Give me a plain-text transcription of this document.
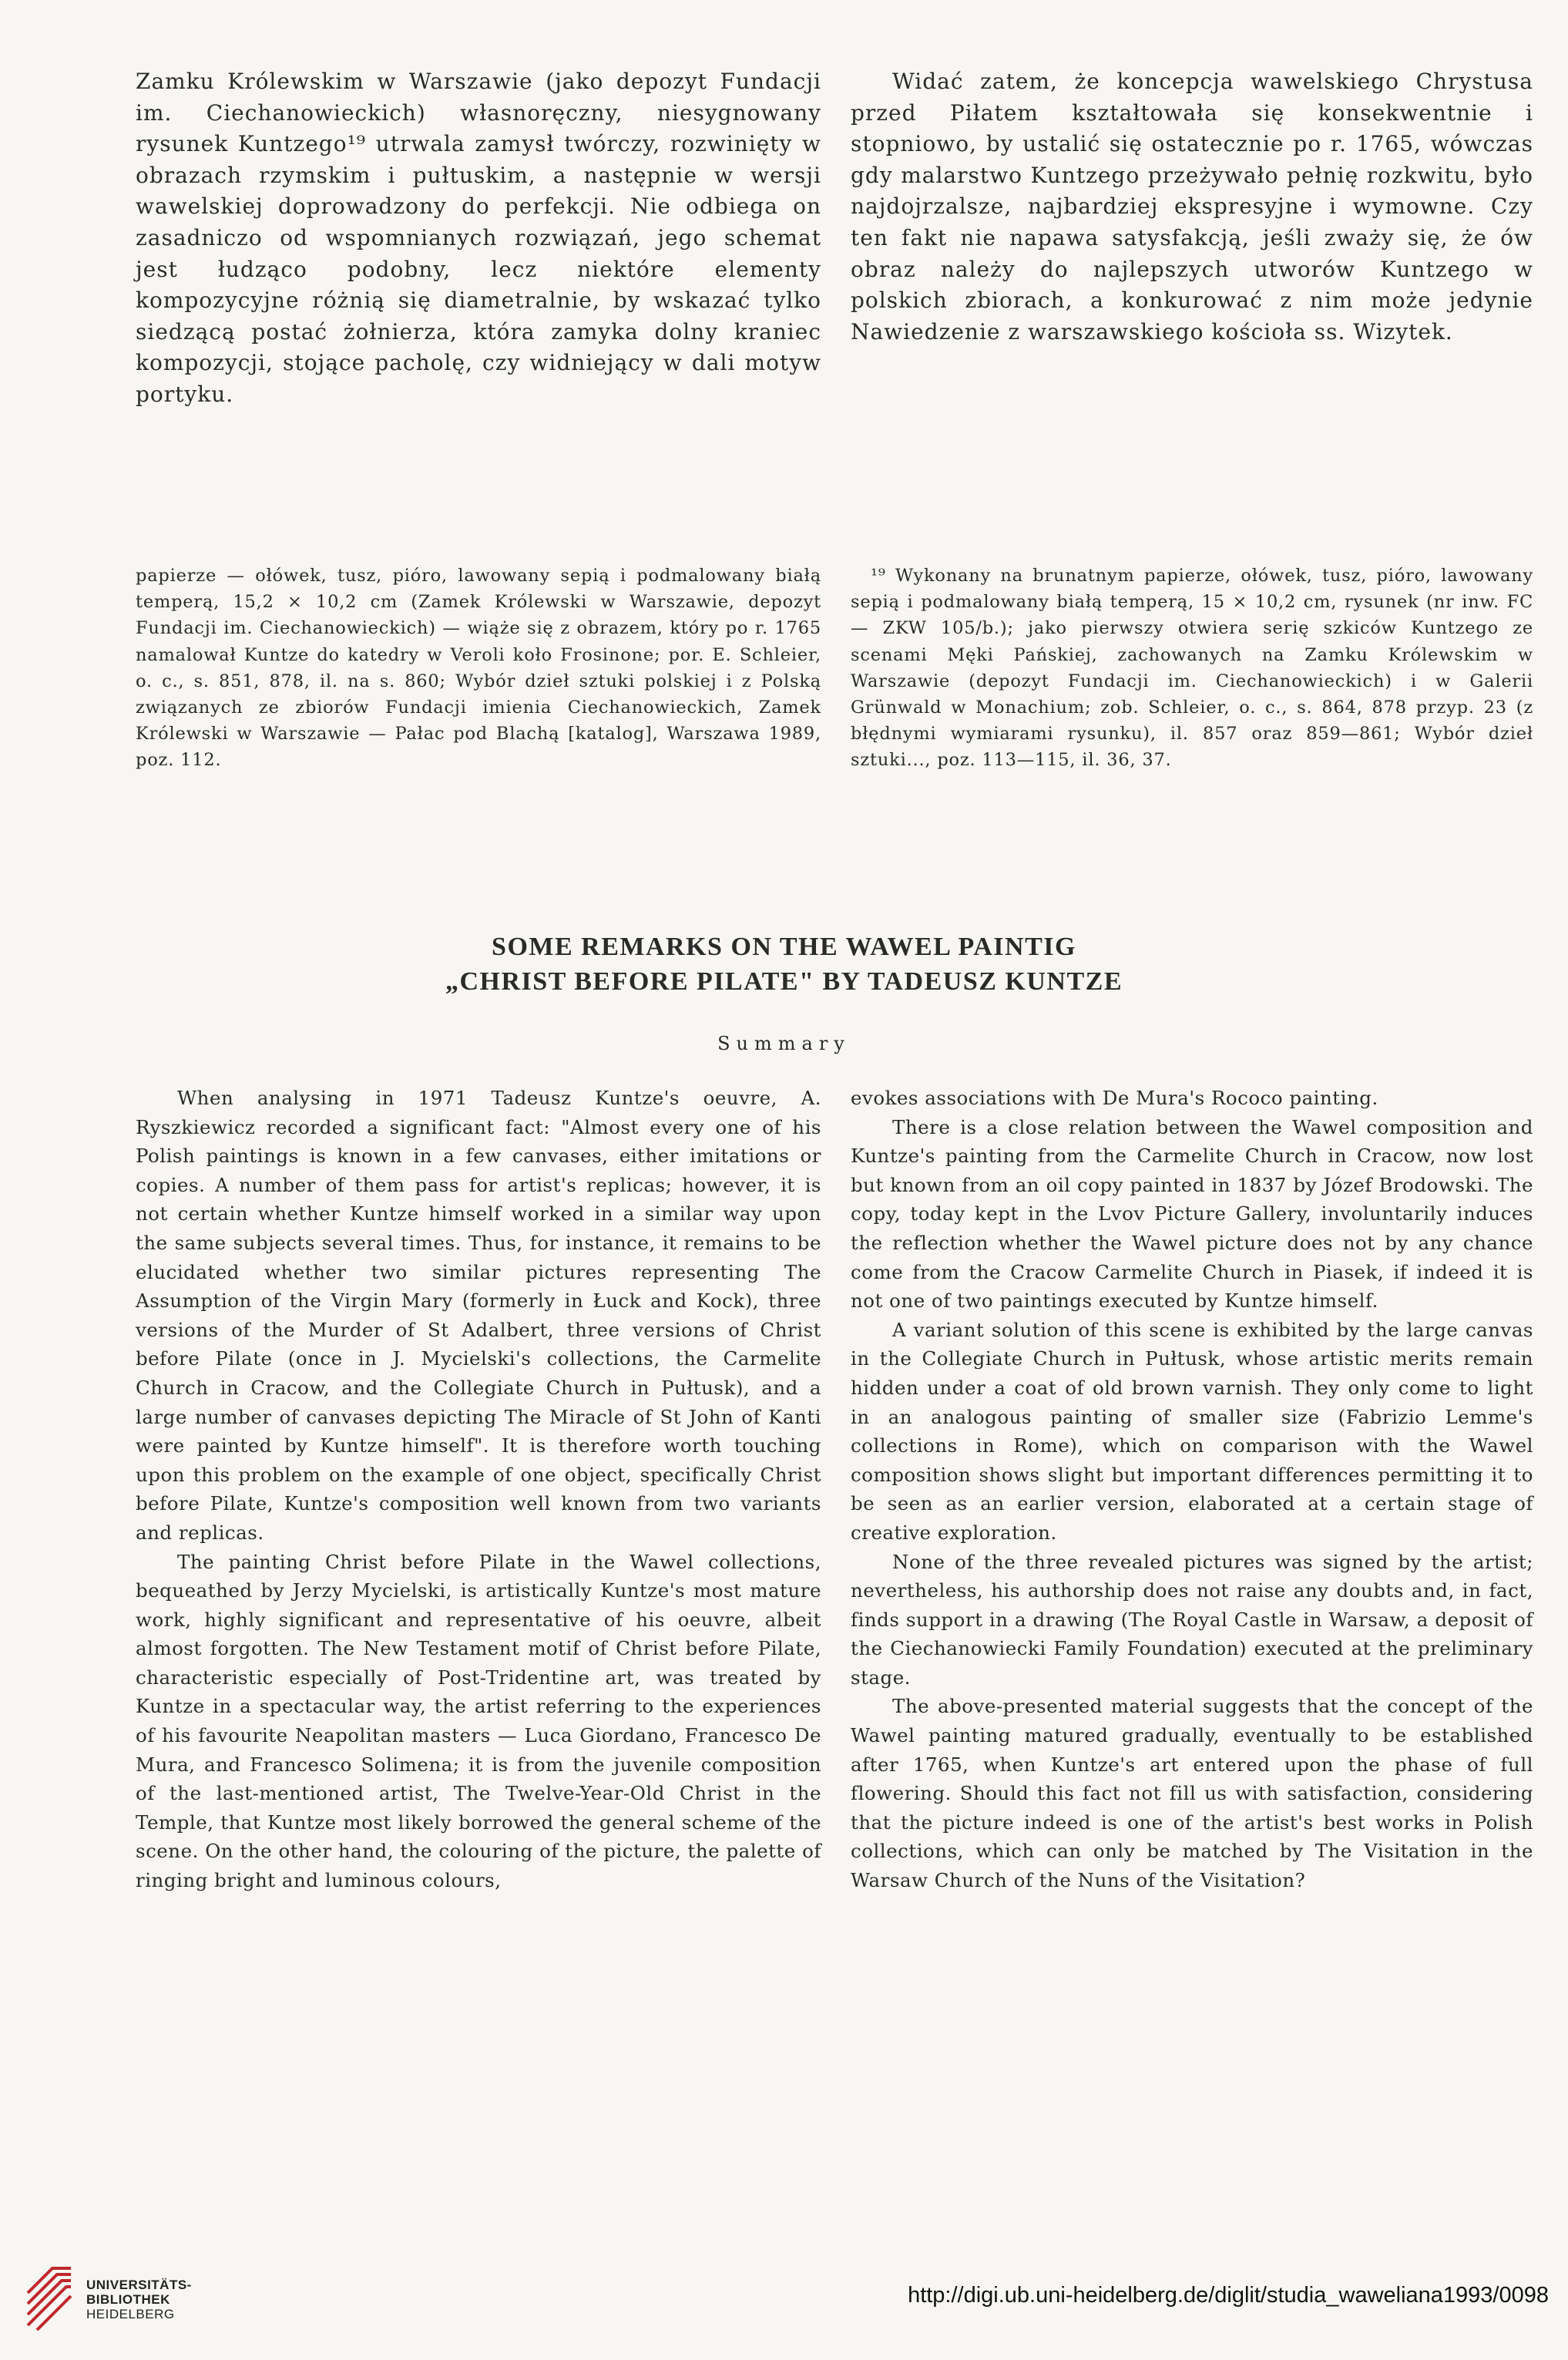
Zamku Królewskim w Warszawie (jako depozyt Fundacji im. Ciechanowieckich) własnoręczny, niesygnowany rysunek Kuntzego¹⁹ utrwala zamysł twórczy, rozwinięty w obrazach rzymskim i pułtuskim, a następnie w wersji wawelskiej doprowadzony do perfekcji. Nie odbiega on zasadniczo od wspomnianych rozwiązań, jego schemat jest łudząco podobny, lecz niektóre elementy kompozycyjne różnią się diametralnie, by wskazać tylko siedzącą postać żołnierza, która zamyka dolny kraniec kompozycji, stojące pacholę, czy widniejący w dali motyw portyku.
Widać zatem, że koncepcja wawelskiego Chrystusa przed Piłatem kształtowała się konsekwentnie i stopniowo, by ustalić się ostatecznie po r. 1765, wówczas gdy malarstwo Kuntzego przeżywało pełnię rozkwitu, było najdojrzalsze, najbardziej ekspresyjne i wymowne. Czy ten fakt nie napawa satysfakcją, jeśli zważy się, że ów obraz należy do najlepszych utworów Kuntzego w polskich zbiorach, a konkurować z nim może jedynie Nawiedzenie z warszawskiego kościoła ss. Wizytek.
papierze — ołówek, tusz, pióro, lawowany sepią i podmalowany białą temperą, 15,2 × 10,2 cm (Zamek Królewski w Warszawie, depozyt Fundacji im. Ciechanowieckich) — wiąże się z obrazem, który po r. 1765 namalował Kuntze do katedry w Veroli koło Frosinone; por. E. Schleier, o. c., s. 851, 878, il. na s. 860; Wybór dzieł sztuki polskiej i z Polską związanych ze zbiorów Fundacji imienia Ciechanowieckich, Zamek Królewski w Warszawie — Pałac pod Blachą [katalog], Warszawa 1989, poz. 112.
¹⁹ Wykonany na brunatnym papierze, ołówek, tusz, pióro, lawowany sepią i podmalowany białą temperą, 15 × 10,2 cm, rysunek (nr inw. FC — ZKW 105/b.); jako pierwszy otwiera serię szkiców Kuntzego ze scenami Męki Pańskiej, zachowanych na Zamku Królewskim w Warszawie (depozyt Fundacji im. Ciechanowieckich) i w Galerii Grünwald w Monachium; zob. Schleier, o. c., s. 864, 878 przyp. 23 (z błędnymi wymiarami rysunku), il. 857 oraz 859—861; Wybór dzieł sztuki..., poz. 113—115, il. 36, 37.
SOME REMARKS ON THE WAWEL PAINTIG
„CHRIST BEFORE PILATE" BY TADEUSZ KUNTZE
Summary

When analysing in 1971 Tadeusz Kuntze's oeuvre, A. Ryszkiewicz recorded a significant fact: "Almost every one of his Polish paintings is known in a few canvases, either imitations or copies. A number of them pass for artist's replicas; however, it is not certain whether Kuntze himself worked in a similar way upon the same subjects several times. Thus, for instance, it remains to be elucidated whether two similar pictures representing The Assumption of the Virgin Mary (formerly in Łuck and Kock), three versions of the Murder of St Adalbert, three versions of Christ before Pilate (once in J. Mycielski's collections, the Carmelite Church in Cracow, and the Collegiate Church in Pułtusk), and a large number of canvases depicting The Miracle of St John of Kanti were painted by Kuntze himself". It is therefore worth touching upon this problem on the example of one object, specifically Christ before Pilate, Kuntze's composition well known from two variants and replicas.

The painting Christ before Pilate in the Wawel collections, bequeathed by Jerzy Mycielski, is artistically Kuntze's most mature work, highly significant and representative of his oeuvre, albeit almost forgotten. The New Testament motif of Christ before Pilate, characteristic especially of Post-Tridentine art, was treated by Kuntze in a spectacular way, the artist referring to the experiences of his favourite Neapolitan masters — Luca Giordano, Francesco De Mura, and Francesco Solimena; it is from the juvenile composition of the last-mentioned artist, The Twelve-Year-Old Christ in the Temple, that Kuntze most likely borrowed the general scheme of the scene. On the other hand, the colouring of the picture, the palette of ringing bright and luminous colours,

evokes associations with De Mura's Rococo painting.

There is a close relation between the Wawel composition and Kuntze's painting from the Carmelite Church in Cracow, now lost but known from an oil copy painted in 1837 by Józef Brodowski. The copy, today kept in the Lvov Picture Gallery, involuntarily induces the reflection whether the Wawel picture does not by any chance come from the Cracow Carmelite Church in Piasek, if indeed it is not one of two paintings executed by Kuntze himself.

A variant solution of this scene is exhibited by the large canvas in the Collegiate Church in Pułtusk, whose artistic merits remain hidden under a coat of old brown varnish. They only come to light in an analogous painting of smaller size (Fabrizio Lemme's collections in Rome), which on comparison with the Wawel composition shows slight but important differences permitting it to be seen as an earlier version, elaborated at a certain stage of creative exploration.

None of the three revealed pictures was signed by the artist; nevertheless, his authorship does not raise any doubts and, in fact, finds support in a drawing (The Royal Castle in Warsaw, a deposit of the Ciechanowiecki Family Foundation) executed at the preliminary stage.

The above-presented material suggests that the concept of the Wawel painting matured gradually, eventually to be established after 1765, when Kuntze's art entered upon the phase of full flowering. Should this fact not fill us with satisfaction, considering that the picture indeed is one of the artist's best works in Polish collections, which can only be matched by The Visitation in the Warsaw Church of the Nuns of the Visitation?

UNIVERSITÄTS-
BIBLIOTHEK
HEIDELBERG
http://digi.ub.uni-heidelberg.de/diglit/studia_waweliana1993/0098
